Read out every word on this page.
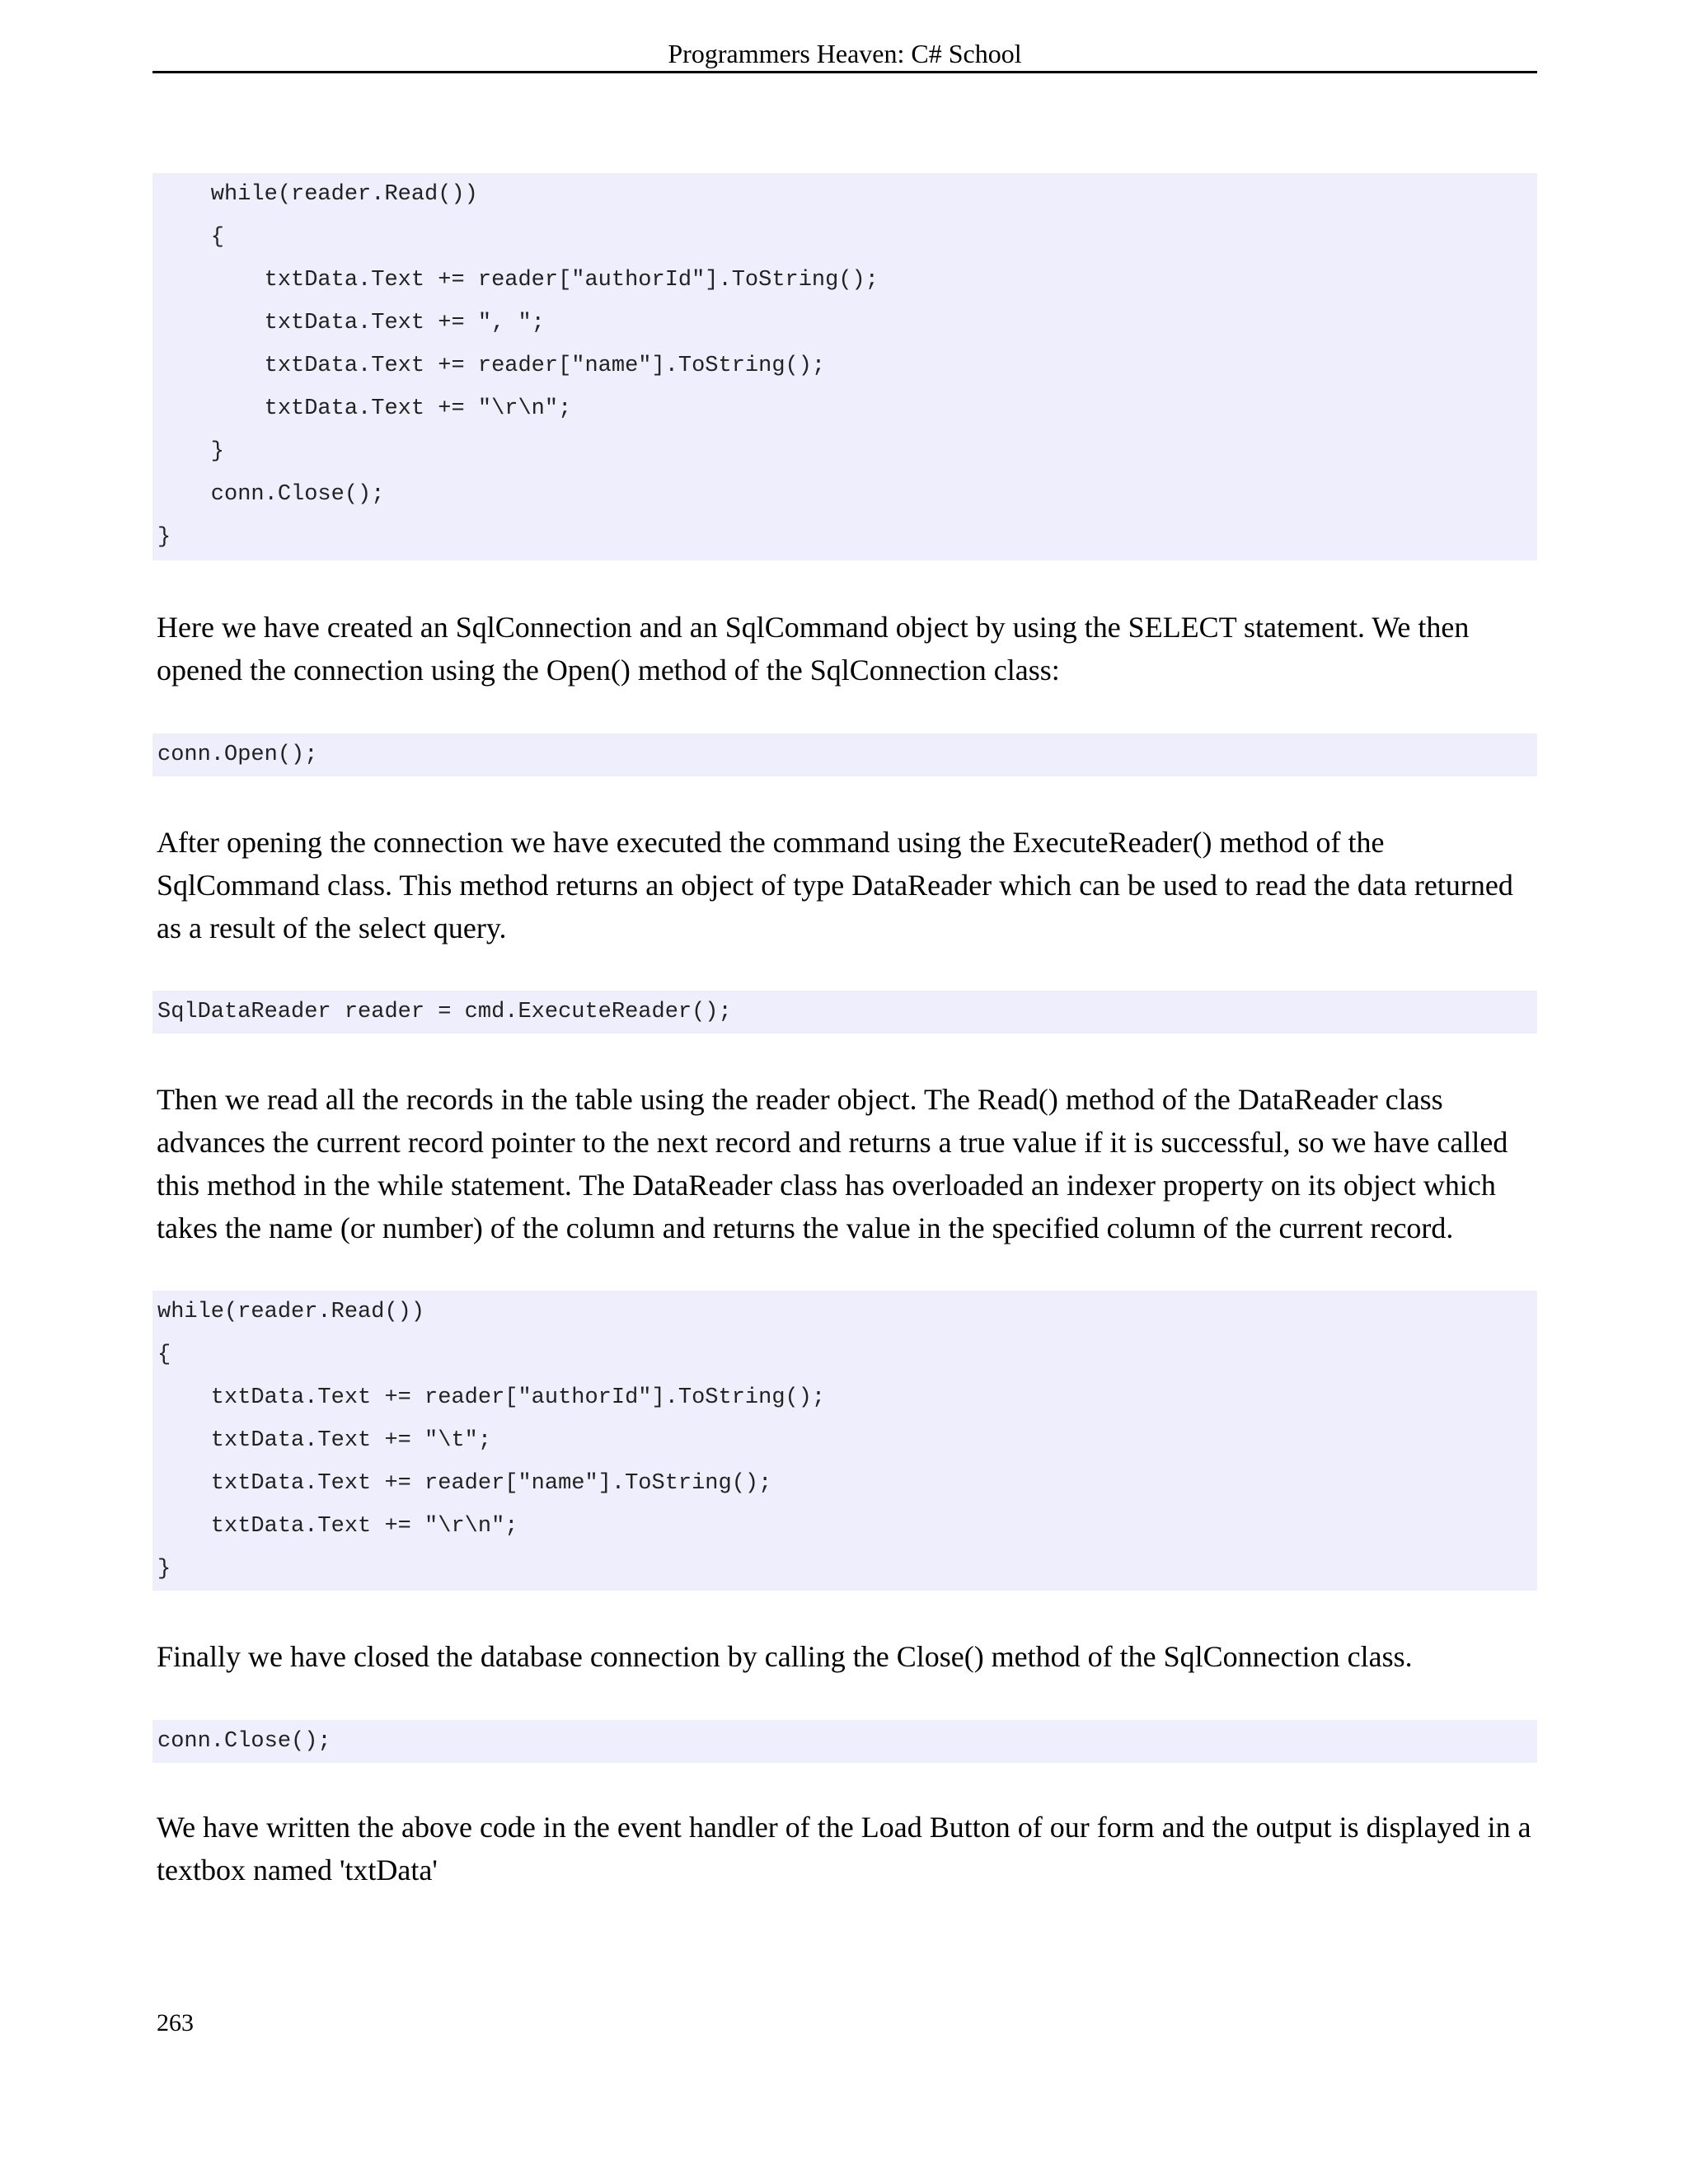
Programmers Heaven: C# School
while(reader.Read())
{
txtData.Text += reader["authorId"].ToString();
txtData.Text += ", ";
txtData.Text += reader["name"].ToString();
txtData.Text += "\r\n";
}
conn.Close();
}
Here we have created an SqlConnection and an SqlCommand object by using the SELECT statement. We then opened the connection using the Open() method of the SqlConnection class:
conn.Open();
After opening the connection we have executed the command using the ExecuteReader() method of the SqlCommand class. This method returns an object of type DataReader which can be used to read the data returned as a result of the select query.
SqlDataReader reader = cmd.ExecuteReader();
Then we read all the records in the table using the reader object. The Read() method of the DataReader class advances the current record pointer to the next record and returns a true value if it is successful, so we have called this method in the while statement. The DataReader class has overloaded an indexer property on its object which takes the name (or number) of the column and returns the value in the specified column of the current record.
while(reader.Read())
{
txtData.Text += reader["authorId"].ToString();
txtData.Text += "\t";
txtData.Text += reader["name"].ToString();
txtData.Text += "\r\n";
}
Finally we have closed the database connection by calling the Close() method of the SqlConnection class.
conn.Close();
We have written the above code in the event handler of the Load Button of our form and the output is displayed in a textbox named 'txtData'
263
